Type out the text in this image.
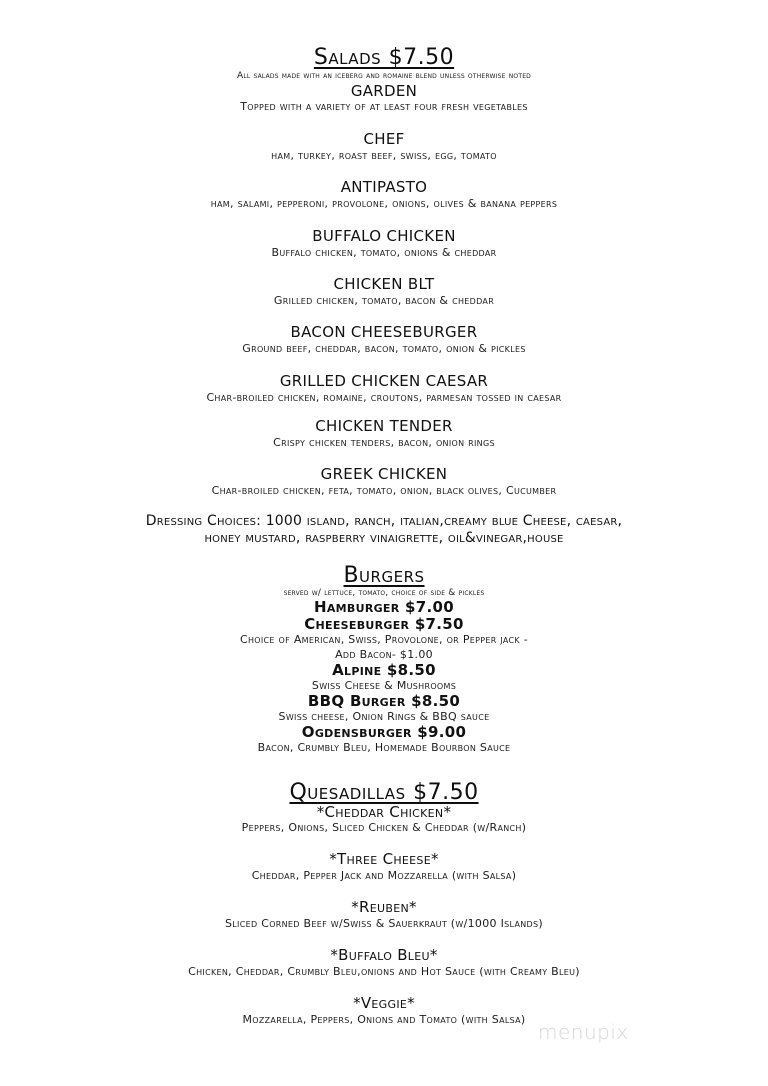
Salads $7.50
All salads made with an iceberg and romaine blend unless otherwise noted
GARDEN
Topped with a variety of at least four fresh vegetables
CHEF
ham, turkey, roast beef, swiss, egg, tomato
ANTIPASTO
ham, salami, pepperoni, provolone, onions, olives & banana peppers
BUFFALO CHICKEN
Buffalo chicken, tomato, onions & cheddar
CHICKEN BLT
Grilled chicken, tomato, bacon & cheddar
BACON CHEESEBURGER
Ground beef, cheddar, bacon, tomato, onion & pickles
GRILLED CHICKEN CAESAR
Char-broiled chicken, romaine, croutons, parmesan tossed in caesar
CHICKEN TENDER
Crispy chicken tenders, bacon, onion rings
GREEK CHICKEN
Char-broiled chicken, feta, tomato, onion, black olives, Cucumber
Dressing Choices: 1000 island, ranch, italian,creamy blue Cheese, caesar,
honey mustard, raspberry vinaigrette, oil&vinegar,house
Burgers
served w/ lettuce, tomato, choice of side & pickles
Hamburger $7.00
Cheeseburger $7.50
Choice of American, Swiss, Provolone, or Pepper jack -
Add Bacon- $1.00
Alpine $8.50
Swiss Cheese & Mushrooms
BBQ Burger $8.50
Swiss cheese, Onion Rings & BBQ sauce
Ogdensburger $9.00
Bacon, Crumbly Bleu, Homemade Bourbon Sauce
Quesadillas $7.50
*Cheddar Chicken*
Peppers, Onions, Sliced Chicken & Cheddar (w/Ranch)
*Three Cheese*
Cheddar, Pepper Jack and Mozzarella (with Salsa)
*Reuben*
Sliced Corned Beef w/Swiss & Sauerkraut (w/1000 Islands)
*Buffalo Bleu*
Chicken, Cheddar, Crumbly Bleu,onions and Hot Sauce (with Creamy Bleu)
*Veggie*
Mozzarella, Peppers, Onions and Tomato (with Salsa)
menupix
